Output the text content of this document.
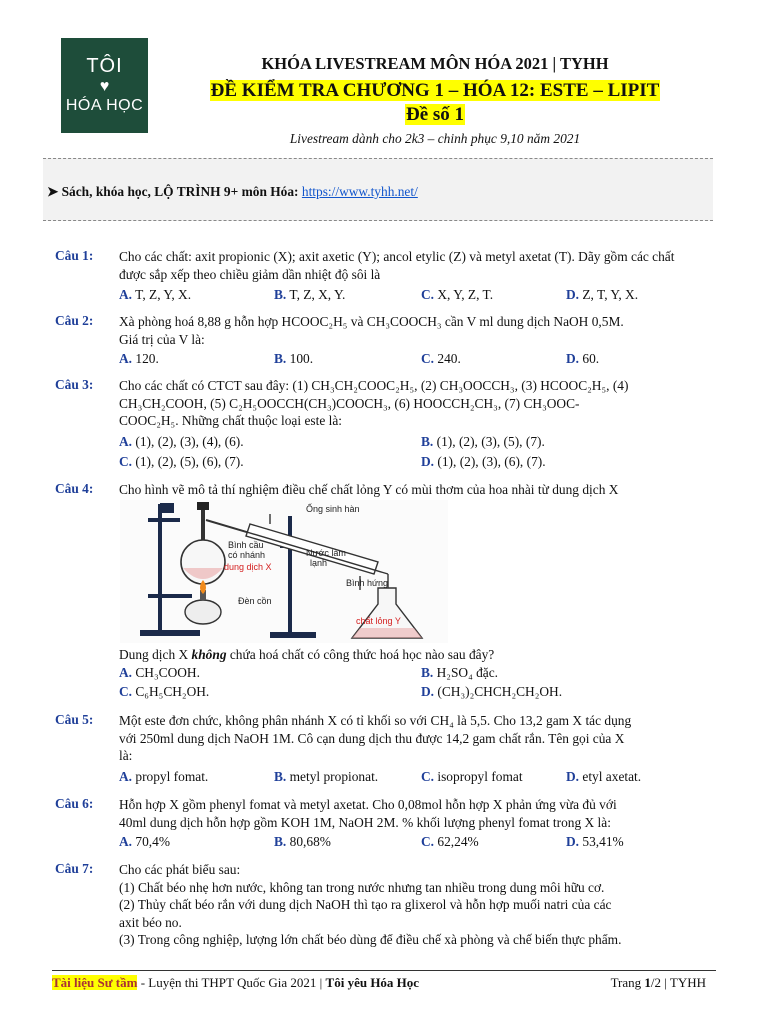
TÔI
♥
HÓA HỌC
KHÓA LIVESTREAM MÔN HÓA 2021 | TYHH
ĐỀ KIỂM TRA CHƯƠNG 1 – HÓA 12: ESTE – LIPIT
Đề số 1
Livestream dành cho 2k3 – chinh phục 9,10 năm 2021
➤ Sách, khóa học, LỘ TRÌNH 9+ môn Hóa: https://www.tyhh.net/
Câu 1: Cho các chất: axit propionic (X); axit axetic (Y); ancol etylic (Z) và metyl axetat (T). Dãy gồm các chất
được sắp xếp theo chiều giảm dần nhiệt độ sôi là
A. T, Z, Y, X.	B. T, Z, X, Y.	C. X, Y, Z, T.	D. Z, T, Y, X.
Câu 2: Xà phòng hoá 8,88 g hỗn hợp HCOOC₂H₅ và CH₃COOCH₃ cần V ml dung dịch NaOH 0,5M.
Giá trị của V là:
A. 120.	B. 100.	C. 240.	D. 60.
Câu 3: Cho các chất có CTCT sau đây: (1) CH₃CH₂COOC₂H₅, (2) CH₃OOCCH₃, (3) HCOOC₂H₅, (4)
CH₃CH₂COOH, (5) C₂H₅OOCCH(CH₃)COOCH₃, (6) HOOCCH₂CH₃, (7) CH₃OOC-
COOC₂H₅. Những chất thuộc loại este là:
A. (1), (2), (3), (4), (6).	B. (1), (2), (3), (5), (7).
C. (1), (2), (5), (6), (7).	D. (1), (2), (3), (6), (7).
Câu 4: Cho hình vẽ mô tả thí nghiệm điều chế chất lỏng Y có mùi thơm của hoa nhài từ dung dịch X
Ống sinh hàn
Bình cầu
có nhánh
dung dịch X
Nước làm
lạnh
Đèn cồn
Bình hứng
chất lỏng Y
Dung dịch X không chứa hoá chất có công thức hoá học nào sau đây?
A. CH₃COOH.	B. H₂SO₄ đặc.
C. C₆H₅CH₂OH.	D. (CH₃)₂CHCH₂CH₂OH.
Câu 5: Một este đơn chức, không phân nhánh X có tỉ khối so với CH₄ là 5,5. Cho 13,2 gam X tác dụng
với 250ml dung dịch NaOH 1M. Cô cạn dung dịch thu được 14,2 gam chất rắn. Tên gọi của X
là:
A. propyl fomat.	B. metyl propionat.	C. isopropyl fomat	D. etyl axetat.
Câu 6: Hỗn hợp X gồm phenyl fomat và metyl axetat. Cho 0,08mol hỗn hợp X phản ứng vừa đủ với
40ml dung dịch hỗn hợp gồm KOH 1M, NaOH 2M. % khối lượng phenyl fomat trong X là:
A. 70,4%	B. 80,68%	C. 62,24%	D. 53,41%
Câu 7: Cho các phát biểu sau:
(1) Chất béo nhẹ hơn nước, không tan trong nước nhưng tan nhiều trong dung môi hữu cơ.
(2) Thủy chất béo rắn với dung dịch NaOH thì tạo ra glixerol và hỗn hợp muối natri của các
axit béo no.
(3) Trong công nghiệp, lượng lớn chất béo dùng để điều chế xà phòng và chế biến thực phẩm.
Tài liệu Sư tầm - Luyện thi THPT Quốc Gia 2021 | Tôi yêu Hóa Học	Trang 1/2 | TYHH
